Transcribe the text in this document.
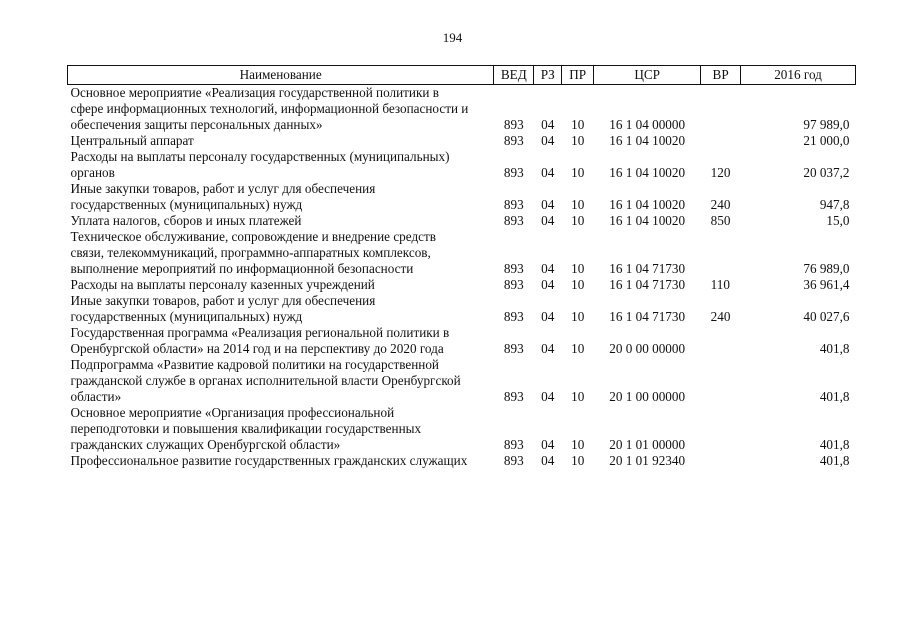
194
Наименование	ВЕД	РЗ	ПР	ЦСР	ВР	2016 год
Основное мероприятие «Реализация государственной политики в сфере информационных технологий, информационной безопасности и обеспечения защиты персональных данных»	893	04	10	16 1 04 00000		97 989,0
Центральный аппарат	893	04	10	16 1 04 10020		21 000,0
Расходы на выплаты персоналу государственных (муниципальных) органов	893	04	10	16 1 04 10020	120	20 037,2
Иные закупки товаров, работ и услуг для обеспечения государственных (муниципальных) нужд	893	04	10	16 1 04 10020	240	947,8
Уплата налогов, сборов и иных платежей	893	04	10	16 1 04 10020	850	15,0
Техническое обслуживание, сопровождение и внедрение средств связи, телекоммуникаций, программно-аппаратных комплексов, выполнение мероприятий по информационной безопасности	893	04	10	16 1 04 71730		76 989,0
Расходы на выплаты персоналу казенных учреждений	893	04	10	16 1 04 71730	110	36 961,4
Иные закупки товаров, работ и услуг для обеспечения государственных (муниципальных) нужд	893	04	10	16 1 04 71730	240	40 027,6
Государственная программа «Реализация региональной политики в Оренбургской области» на 2014 год и на перспективу до 2020 года	893	04	10	20 0 00 00000		401,8
Подпрограмма «Развитие кадровой политики на государственной гражданской службе в органах исполнительной власти Оренбургской области»	893	04	10	20 1 00 00000		401,8
Основное мероприятие «Организация профессиональной переподготовки и повышения квалификации государственных гражданских служащих Оренбургской области»	893	04	10	20 1 01 00000		401,8
Профессиональное развитие государственных гражданских служащих	893	04	10	20 1 01 92340		401,8
